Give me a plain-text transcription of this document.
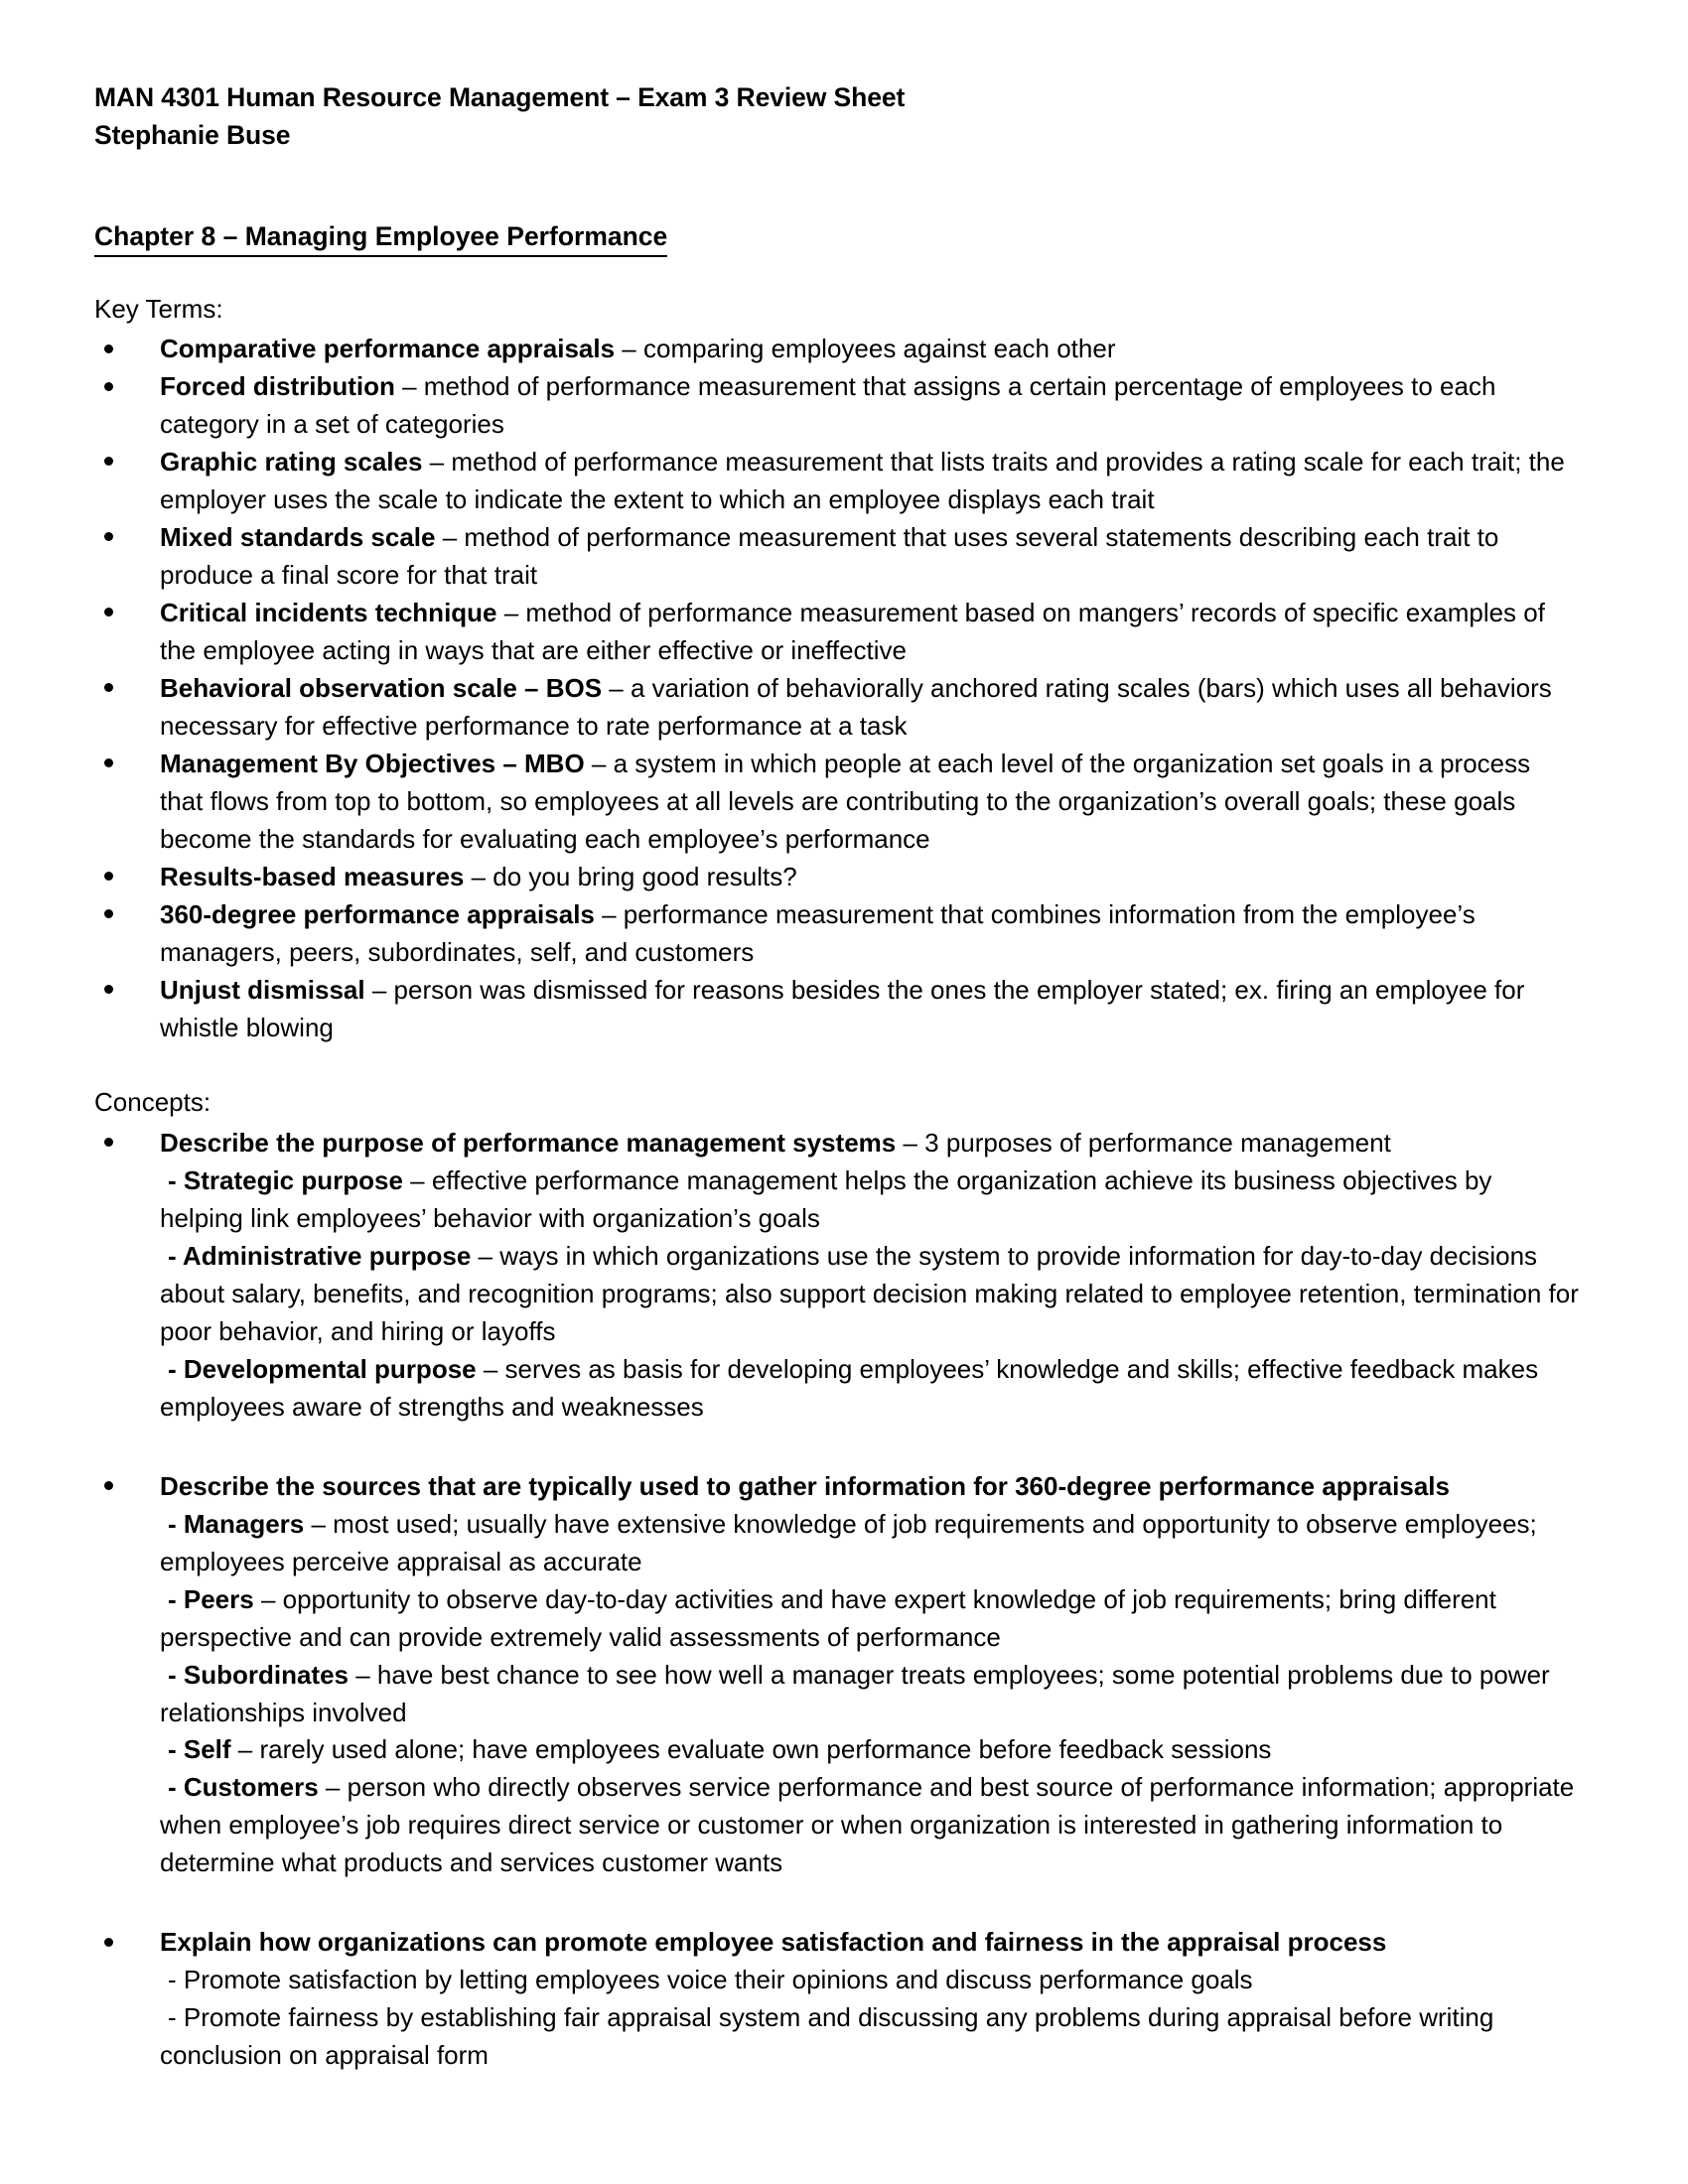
MAN 4301 Human Resource Management – Exam 3 Review Sheet
Stephanie Buse
Chapter 8 – Managing Employee Performance
Key Terms:
Comparative performance appraisals – comparing employees against each other
Forced distribution – method of performance measurement that assigns a certain percentage of employees to each category in a set of categories
Graphic rating scales – method of performance measurement that lists traits and provides a rating scale for each trait; the employer uses the scale to indicate the extent to which an employee displays each trait
Mixed standards scale – method of performance measurement that uses several statements describing each trait to produce a final score for that trait
Critical incidents technique – method of performance measurement based on mangers’ records of specific examples of the employee acting in ways that are either effective or ineffective
Behavioral observation scale – BOS – a variation of behaviorally anchored rating scales (bars) which uses all behaviors necessary for effective performance to rate performance at a task
Management By Objectives – MBO – a system in which people at each level of the organization set goals in a process that flows from top to bottom, so employees at all levels are contributing to the organization’s overall goals; these goals become the standards for evaluating each employee’s performance
Results-based measures – do you bring good results?
360-degree performance appraisals – performance measurement that combines information from the employee’s managers, peers, subordinates, self, and customers
Unjust dismissal – person was dismissed for reasons besides the ones the employer stated; ex. firing an employee for whistle blowing
Concepts:
Describe the purpose of performance management systems – 3 purposes of performance management
- Strategic purpose – effective performance management helps the organization achieve its business objectives by helping link employees’ behavior with organization’s goals
- Administrative purpose – ways in which organizations use the system to provide information for day-to-day decisions about salary, benefits, and recognition programs; also support decision making related to employee retention, termination for poor behavior, and hiring or layoffs
- Developmental purpose – serves as basis for developing employees’ knowledge and skills; effective feedback makes employees aware of strengths and weaknesses
Describe the sources that are typically used to gather information for 360-degree performance appraisals
- Managers – most used; usually have extensive knowledge of job requirements and opportunity to observe employees; employees perceive appraisal as accurate
- Peers – opportunity to observe day-to-day activities and have expert knowledge of job requirements; bring different perspective and can provide extremely valid assessments of performance
- Subordinates – have best chance to see how well a manager treats employees; some potential problems due to power relationships involved
- Self – rarely used alone; have employees evaluate own performance before feedback sessions
- Customers – person who directly observes service performance and best source of performance information; appropriate when employee’s job requires direct service or customer or when organization is interested in gathering information to determine what products and services customer wants
Explain how organizations can promote employee satisfaction and fairness in the appraisal process
- Promote satisfaction by letting employees voice their opinions and discuss performance goals
- Promote fairness by establishing fair appraisal system and discussing any problems during appraisal before writing conclusion on appraisal form
